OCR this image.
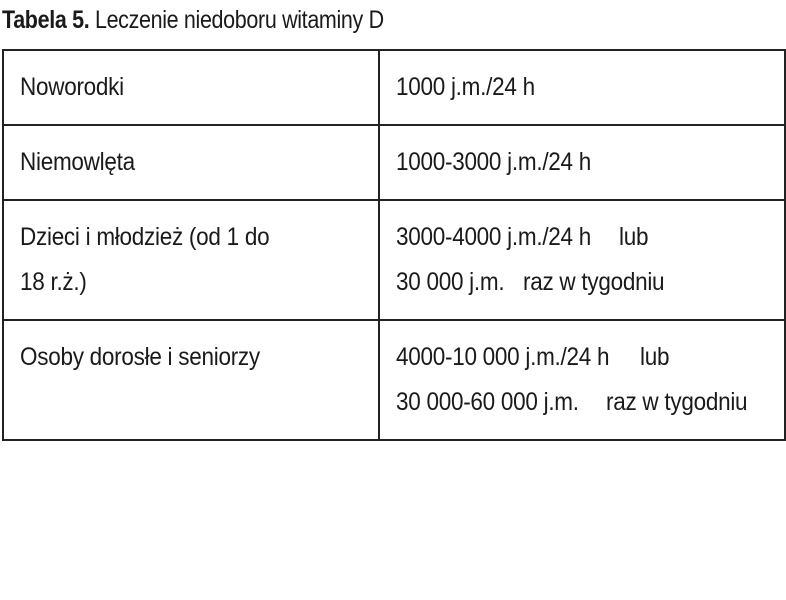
Tabela 5. Leczenie niedoboru witaminy D
Noworodki	1000 j.m./24 h
Niemowlęta	1000-3000 j.m./24 h
Dzieci i młodzież (od 1 do 18 r.ż.)	3000-4000 j.m./24 h lub 30 000 j.m. raz w tygodniu
Osoby dorosłe i seniorzy	4000-10 000 j.m./24 h lub 30 000-60 000 j.m. raz w tygodniu
